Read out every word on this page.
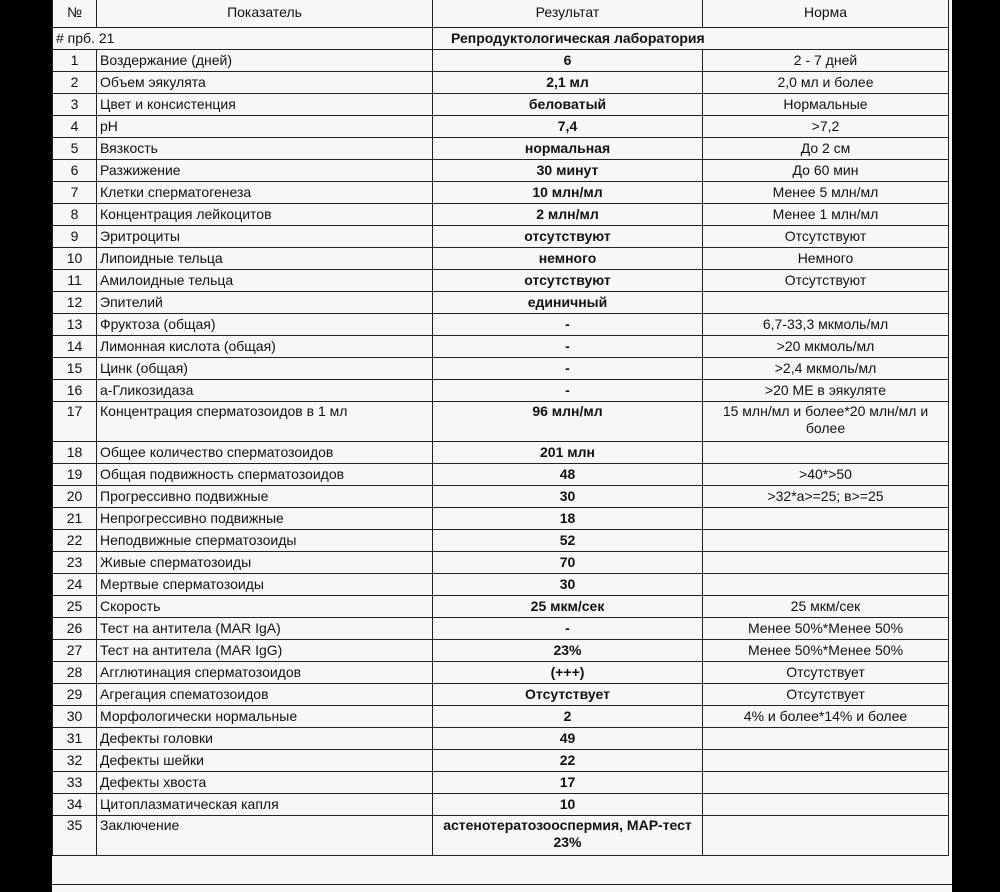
№	Показатель	Результат	Норма
# прб. 21		Репродуктологическая лаборатория	
1	Воздержание (дней)	6	2 - 7 дней
2	Объем эякулята	2,1 мл	2,0 мл и более
3	Цвет и консистенция	беловатый	Нормальные
4	pH	7,4	>7,2
5	Вязкость	нормальная	До 2 см
6	Разжижение	30 минут	До 60 мин
7	Клетки сперматогенеза	10 млн/мл	Менее 5 млн/мл
8	Концентрация лейкоцитов	2 млн/мл	Менее 1 млн/мл
9	Эритроциты	отсутствуют	Отсутствуют
10	Липоидные тельца	немного	Немного
11	Амилоидные тельца	отсутствуют	Отсутствуют
12	Эпителий	единичный	
13	Фруктоза (общая)	-	6,7-33,3 мкмоль/мл
14	Лимонная кислота (общая)	-	>20 мкмоль/мл
15	Цинк (общая)	-	>2,4 мкмоль/мл
16	а-Гликозидаза	-	>20 МЕ в эякуляте
17	Концентрация сперматозоидов в 1 мл	96 млн/мл	15 млн/мл и более*20 млн/мл и более
18	Общее количество сперматозоидов	201 млн	
19	Общая подвижность сперматозоидов	48	>40*>50
20	Прогрессивно подвижные	30	>32*a>=25; в>=25
21	Непрогрессивно подвижные	18	
22	Неподвижные сперматозоиды	52	
23	Живые сперматозоиды	70	
24	Мертвые сперматозоиды	30	
25	Скорость	25 мкм/сек	25 мкм/сек
26	Тест на антитела (MAR IgA)	-	Менее 50%*Менее 50%
27	Тест на антитела (MAR IgG)	23%	Менее 50%*Менее 50%
28	Агглютинация сперматозоидов	(+++)	Отсутствует
29	Агрегация спематозоидов	Отсутствует	Отсутствует
30	Морфологически нормальные	2	4% и более*14% и более
31	Дефекты головки	49	
32	Дефекты шейки	22	
33	Дефекты хвоста	17	
34	Цитоплазматическая капля	10	
35	Заключение	астенотератозооспермия, МАР-тест 23%	
